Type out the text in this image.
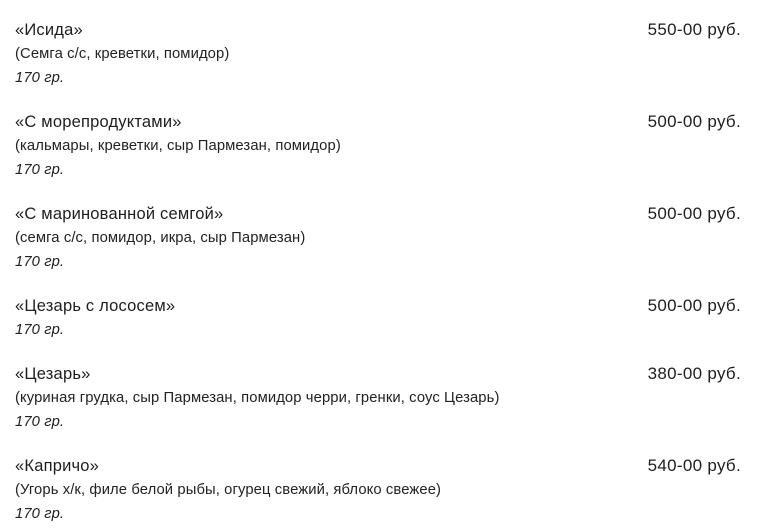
«Исида»	550-00 руб.
(Семга с/с, креветки, помидор)
170 гр.
«С морепродуктами»	500-00 руб.
(кальмары, креветки, сыр Пармезан, помидор)
170 гр.
«С маринованной семгой»	500-00 руб.
(семга с/с, помидор, икра, сыр Пармезан)
170 гр.
«Цезарь с лососем»	500-00 руб.
170 гр.
«Цезарь»	380-00 руб.
(куриная грудка, сыр Пармезан, помидор черри, гренки, соус Цезарь)
170 гр.
«Капричо»	540-00 руб.
(Угорь х/к, филе белой рыбы, огурец свежий, яблоко свежее)
170 гр.
